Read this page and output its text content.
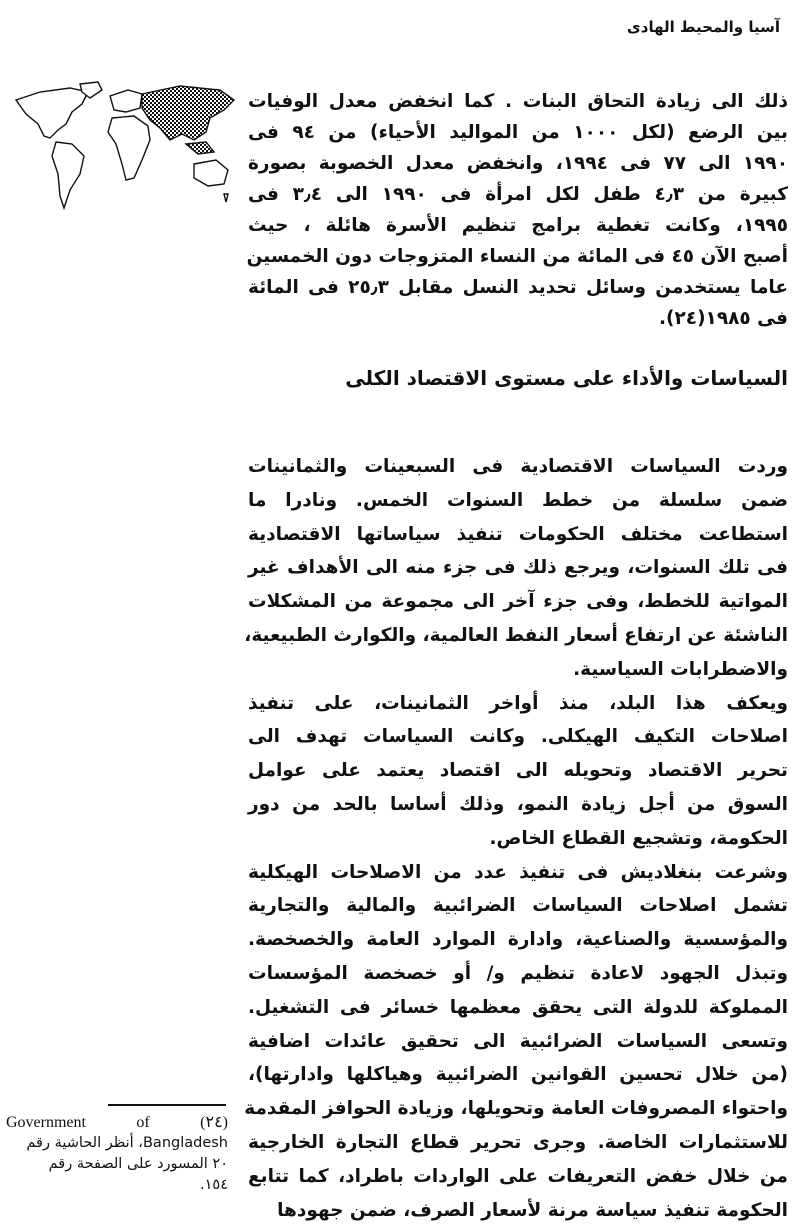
آسيا والمحيط الهادى
ذلك الى زيادة التحاق البنات . كما انخفض معدل الوفيات
بين الرضع (لكل ١٠٠٠ من المواليد الأحياء) من ٩٤ فى
١٩٩٠ الى ٧٧ فى ١٩٩٤، وانخفض معدل الخصوبة بصورة
كبيرة من ٤٫٣ طفل لكل امرأة فى ١٩٩٠ الى ٣٫٤ فى
١٩٩٥، وكانت تغطية برامج تنظيم الأسرة هائلة ، حيث
أصبح الآن ٤٥ فى المائة من النساء المتزوجات دون الخمسين
عاما يستخدمن وسائل تحديد النسل مقابل ٢٥٫٣ فى المائة
فى ١٩٨٥(٢٤).
السياسات والأداء على مستوى الاقتصاد الكلى
وردت السياسات الاقتصادية فى السبعينات والثمانينات
ضمن سلسلة من خطط السنوات الخمس. ونادرا ما
استطاعت مختلف الحكومات تنفيذ سياساتها الاقتصادية
فى تلك السنوات، ويرجع ذلك فى جزء منه الى الأهداف غير
المواتية للخطط، وفى جزء آخر الى مجموعة من المشكلات
الناشئة عن ارتفاع أسعار النفط العالمية، والكوارث الطبيعية،
والاضطرابات السياسية.
ويعكف هذا البلد، منذ أواخر الثمانينات، على تنفيذ
اصلاحات التكيف الهيكلى. وكانت السياسات تهدف الى
تحرير الاقتصاد وتحويله الى اقتصاد يعتمد على عوامل
السوق من أجل زيادة النمو، وذلك أساسا بالحد من دور
الحكومة، وتشجيع القطاع الخاص.
وشرعت بنغلاديش فى تنفيذ عدد من الاصلاحات الهيكلية
تشمل اصلاحات السياسات الضرائبية والمالية والتجارية
والمؤسسية والصناعية، وادارة الموارد العامة والخصخصة.
وتبذل الجهود لاعادة تنظيم و/ أو خصخصة المؤسسات
المملوكة للدولة التى يحقق معظمها خسائر فى التشغيل.
وتسعى السياسات الضرائبية الى تحقيق عائدات اضافية
(من خلال تحسين القوانين الضرائبية وهياكلها وادارتها)،
واحتواء المصروفات العامة وتحويلها، وزيادة الحوافز المقدمة
للاستثمارات الخاصة. وجرى تحرير قطاع التجارة الخارجية
من خلال خفض التعريفات على الواردات باطراد، كما تتابع
الحكومة تنفيذ سياسة مرنة لأسعار الصرف، ضمن جهودها
Government of (٢٤)
Bangladesh، أنظر الحاشية رقم
٢٠ المسورد على الصفحة رقم
١٥٤.
